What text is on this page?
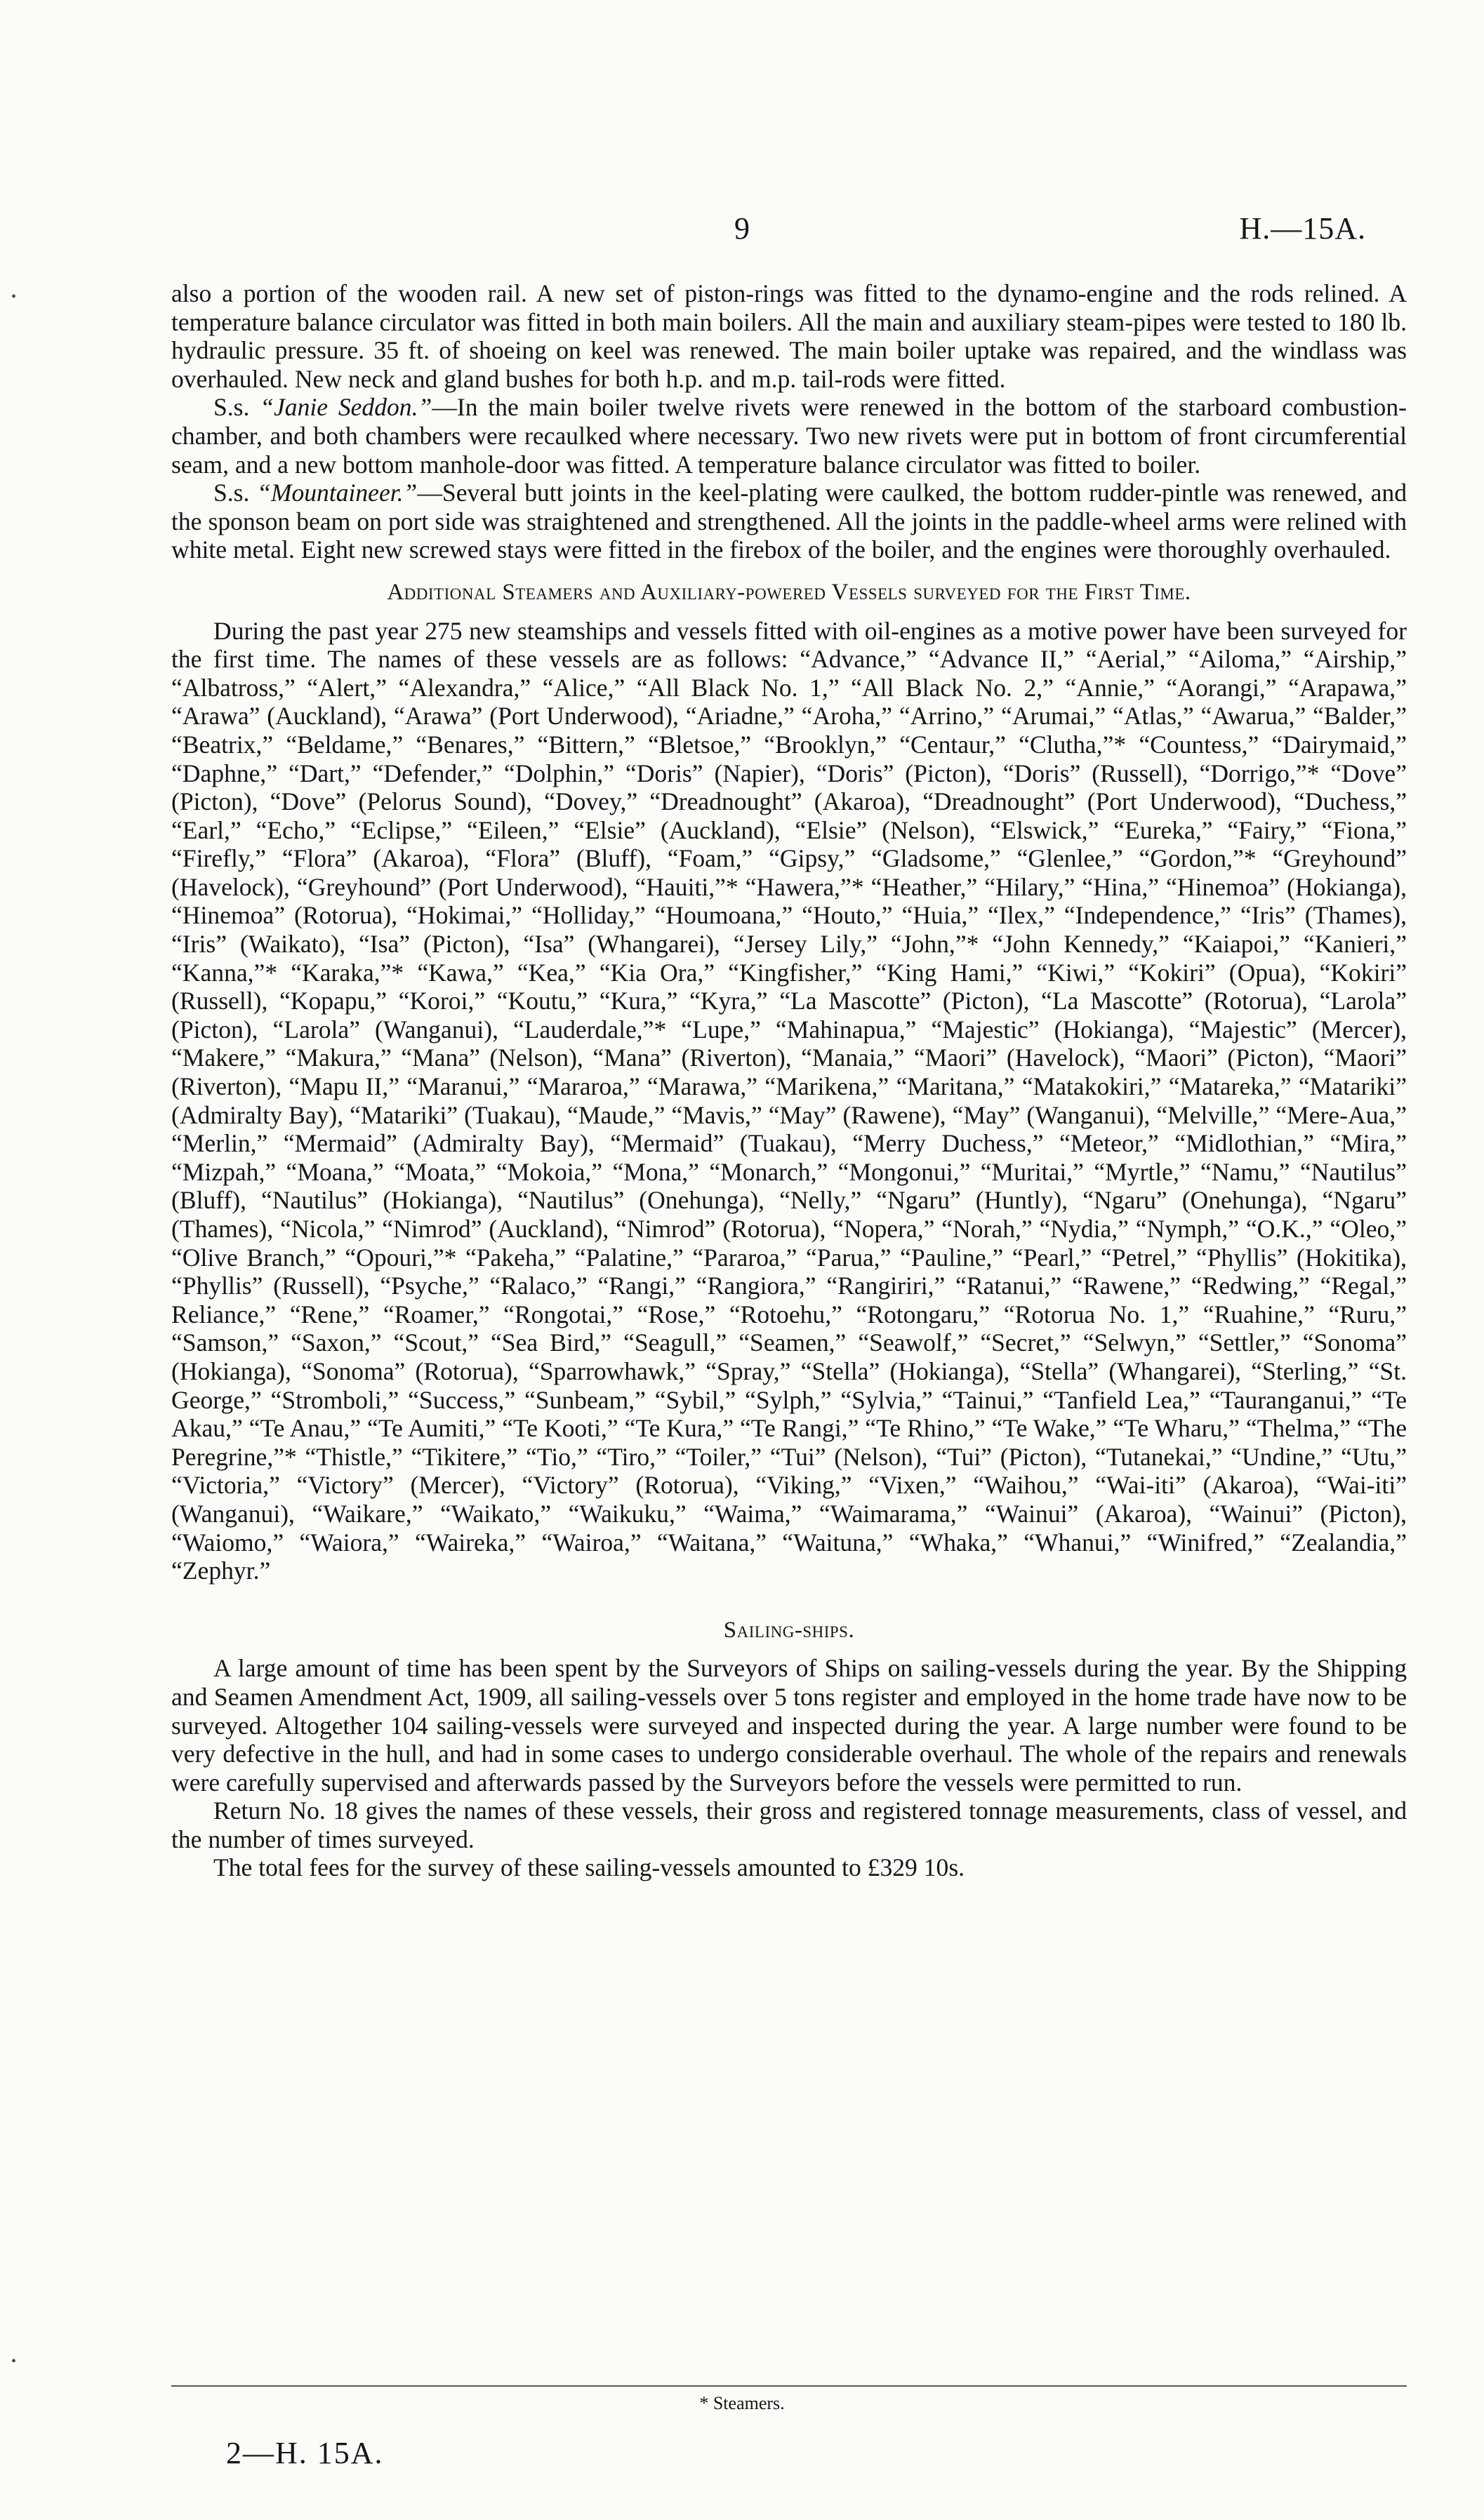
9	H.—15A.
•	also a portion of the wooden rail. A new set of piston-rings was fitted to the dynamo-engine and the rods relined. A temperature balance circulator was fitted in both main boilers. All the main and auxiliary steam-pipes were tested to 180 lb. hydraulic pressure. 35 ft. of shoeing on keel was renewed. The main boiler uptake was repaired, and the windlass was overhauled. New neck and gland bushes for both h.p. and m.p. tail-rods were fitted.

S.s. “Janie Seddon.”—In the main boiler twelve rivets were renewed in the bottom of the starboard combustion-chamber, and both chambers were recaulked where necessary. Two new rivets were put in bottom of front circumferential seam, and a new bottom manhole-door was fitted. A temperature balance circulator was fitted to boiler.

S.s. “Mountaineer.”—Several butt joints in the keel-plating were caulked, the bottom rudder-pintle was renewed, and the sponson beam on port side was straightened and strengthened. All the joints in the paddle-wheel arms were relined with white metal. Eight new screwed stays were fitted in the firebox of the boiler, and the engines were thoroughly overhauled.

Additional Steamers and Auxiliary-powered Vessels surveyed for the First Time.

During the past year 275 new steamships and vessels fitted with oil-engines as a motive power have been surveyed for the first time. The names of these vessels are as follows: “Advance,” “Advance II,” “Aerial,” “Ailoma,” “Airship,” “Albatross,” “Alert,” “Alexandra,” “Alice,” “All Black No. 1,” “All Black No. 2,” “Annie,” “Aorangi,” “Arapawa,” “Arawa” (Auckland), “Arawa” (Port Underwood), “Ariadne,” “Aroha,” “Arrino,” “Arumai,” “Atlas,” “Awarua,” “Balder,” “Beatrix,” “Beldame,” “Benares,” “Bittern,” “Bletsoe,” “Brooklyn,” “Centaur,” “Clutha,”* “Countess,” “Dairymaid,” “Daphne,” “Dart,” “Defender,” “Dolphin,” “Doris” (Napier), “Doris” (Picton), “Doris” (Russell), “Dorrigo,”* “Dove” (Picton), “Dove” (Pelorus Sound), “Dovey,” “Dreadnought” (Akaroa), “Dreadnought” (Port Underwood), “Duchess,” “Earl,” “Echo,” “Eclipse,” “Eileen,” “Elsie” (Auckland), “Elsie” (Nelson), “Elswick,” “Eureka,” “Fairy,” “Fiona,” “Firefly,” “Flora” (Akaroa), “Flora” (Bluff), “Foam,” “Gipsy,” “Gladsome,” “Glenlee,” “Gordon,”* “Greyhound” (Havelock), “Greyhound” (Port Underwood), “Hauiti,”* “Hawera,”* “Heather,” “Hilary,” “Hina,” “Hinemoa” (Hokianga), “Hinemoa” (Rotorua), “Hokimai,” “Holliday,” “Houmoana,” “Houto,” “Huia,” “Ilex,” “Independence,” “Iris” (Thames), “Iris” (Waikato), “Isa” (Picton), “Isa” (Whangarei), “Jersey Lily,” “John,”* “John Kennedy,” “Kaiapoi,” “Kanieri,” “Kanna,”* “Karaka,”* “Kawa,” “Kea,” “Kia Ora,” “Kingfisher,” “King Hami,” “Kiwi,” “Kokiri” (Opua), “Kokiri” (Russell), “Kopapu,” “Koroi,” “Koutu,” “Kura,” “Kyra,” “La Mascotte” (Picton), “La Mascotte” (Rotorua), “Larola” (Picton), “Larola” (Wanganui), “Lauderdale,”* “Lupe,” “Mahinapua,” “Majestic” (Hokianga), “Majestic” (Mercer), “Makere,” “Makura,” “Mana” (Nelson), “Mana” (Riverton), “Manaia,” “Maori” (Havelock), “Maori” (Picton), “Maori” (Riverton), “Mapu II,” “Maranui,” “Mararoa,” “Marawa,” “Marikena,” “Maritana,” “Matakokiri,” “Matareka,” “Matariki” (Admiralty Bay), “Matariki” (Tuakau), “Maude,” “Mavis,” “May” (Rawene), “May” (Wanganui), “Melville,” “Mere-Aua,” “Merlin,” “Mermaid” (Admiralty Bay), “Mermaid” (Tuakau), “Merry Duchess,” “Meteor,” “Midlothian,” “Mira,” “Mizpah,” “Moana,” “Moata,” “Mokoia,” “Mona,” “Monarch,” “Mongonui,” “Muritai,” “Myrtle,” “Namu,” “Nautilus” (Bluff), “Nautilus” (Hokianga), “Nautilus” (Onehunga), “Nelly,” “Ngaru” (Huntly), “Ngaru” (Onehunga), “Ngaru” (Thames), “Nicola,” “Nimrod” (Auckland), “Nimrod” (Rotorua), “Nopera,” “Norah,” “Nydia,” “Nymph,” “O.K.,” “Oleo,” “Olive Branch,” “Opouri,”* “Pakeha,” “Palatine,” “Pararoa,” “Parua,” “Pauline,” “Pearl,” “Petrel,” “Phyllis” (Hokitika), “Phyllis” (Russell), “Psyche,” “Ralaco,” “Rangi,” “Rangiora,” “Rangiriri,” “Ratanui,” “Rawene,” “Redwing,” “Regal,” Reliance,” “Rene,” “Roamer,” “Rongotai,” “Rose,” “Rotoehu,” “Rotongaru,” “Rotorua No. 1,” “Ruahine,” “Ruru,” “Samson,” “Saxon,” “Scout,” “Sea Bird,” “Seagull,” “Seamen,” “Seawolf,” “Secret,” “Selwyn,” “Settler,” “Sonoma” (Hokianga), “Sonoma” (Rotorua), “Sparrowhawk,” “Spray,” “Stella” (Hokianga), “Stella” (Whangarei), “Sterling,” “St. George,” “Stromboli,” “Success,” “Sunbeam,” “Sybil,” “Sylph,” “Sylvia,” “Tainui,” “Tanfield Lea,” “Tauranganui,” “Te Akau,” “Te Anau,” “Te Aumiti,” “Te Kooti,” “Te Kura,” “Te Rangi,” “Te Rhino,” “Te Wake,” “Te Wharu,” “Thelma,” “The Peregrine,”* “Thistle,” “Tikitere,” “Tio,” “Tiro,” “Toiler,” “Tui” (Nelson), “Tui” (Picton), “Tutanekai,” “Undine,” “Utu,” “Victoria,” “Victory” (Mercer), “Victory” (Rotorua), “Viking,” “Vixen,” “Waihou,” “Wai-iti” (Akaroa), “Wai-iti” (Wanganui), “Waikare,” “Waikato,” “Waikuku,” “Waima,” “Waimarama,” “Wainui” (Akaroa), “Wainui” (Picton), “Waiomo,” “Waiora,” “Waireka,” “Wairoa,” “Waitana,” “Waituna,” “Whaka,” “Whanui,” “Winifred,” “Zealandia,” “Zephyr.”

Sailing-ships.

A large amount of time has been spent by the Surveyors of Ships on sailing-vessels during the year. By the Shipping and Seamen Amendment Act, 1909, all sailing-vessels over 5 tons register and employed in the home trade have now to be surveyed. Altogether 104 sailing-vessels were surveyed and inspected during the year. A large number were found to be very defective in the hull, and had in some cases to undergo considerable overhaul. The whole of the repairs and renewals were carefully supervised and afterwards passed by the Surveyors before the vessels were permitted to run.

Return No. 18 gives the names of these vessels, their gross and registered tonnage measurements, class of vessel, and the number of times surveyed.

The total fees for the survey of these sailing-vessels amounted to £329 10s.

* Steamers.
•
2—H. 15A.
